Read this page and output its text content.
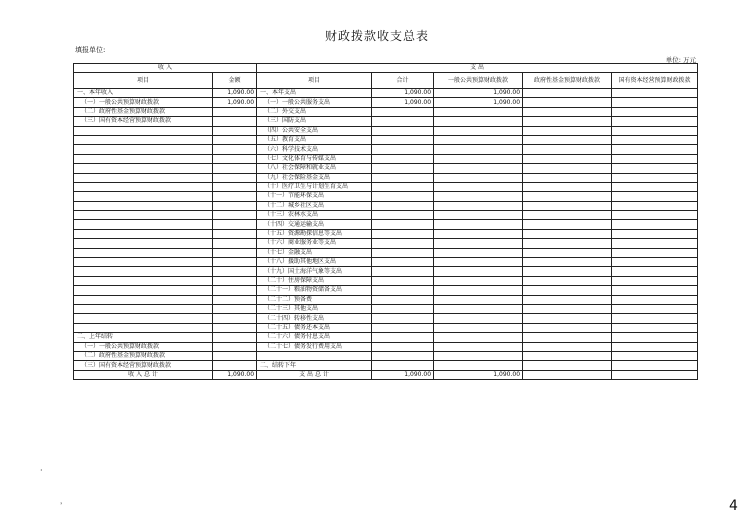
财政拨款收支总表
填报单位:
单位: 万元
收 入		支 出				
项目	金额	项目	合计	一般公共预算财政拨款	政府性基金预算财政拨款	国有资本经营预算财政拨款
一、本年收入	1,090.00	一、本年支出	1,090.00	1,090.00		
（一）一般公共预算财政拨款	1,090.00	（一）一般公共服务支出	1,090.00	1,090.00		
（二）政府性基金预算财政拨款		（二）外交支出				
（三）国有资本经营预算财政拨款		（三）国防支出				
		（四）公共安全支出				
		（五）教育支出				
		（六）科学技术支出				
		（七）文化体育与传媒支出				
		（八）社会保障和就业支出				
		（九）社会保险基金支出				
		（十）医疗卫生与计划生育支出				
		（十一）节能环保支出				
		（十二）城乡社区支出				
		（十三）农林水支出				
		（十四）交通运输支出				
		（十五）资源勘探信息等支出				
		（十六）商业服务业等支出				
		（十七）金融支出				
		（十八）援助其他地区支出				
		（十九）国土海洋气象等支出				
		（二十）住房保障支出				
		（二十一）粮油物资储备支出				
		（二十二）预备费				
		（二十三）其他支出				
		（二十四）转移性支出				
		（二十五）债务还本支出				
二、上年结转		（二十六）债务付息支出				
（一）一般公共预算财政拨款		（二十七）债务发行费用支出				
（二）政府性基金预算财政拨款						
（三）国有资本经营预算财政拨款		二、结转下年				
收 入 总 计	1,090.00	支 出 总 计	1,090.00	1,090.00		
·
，	4
